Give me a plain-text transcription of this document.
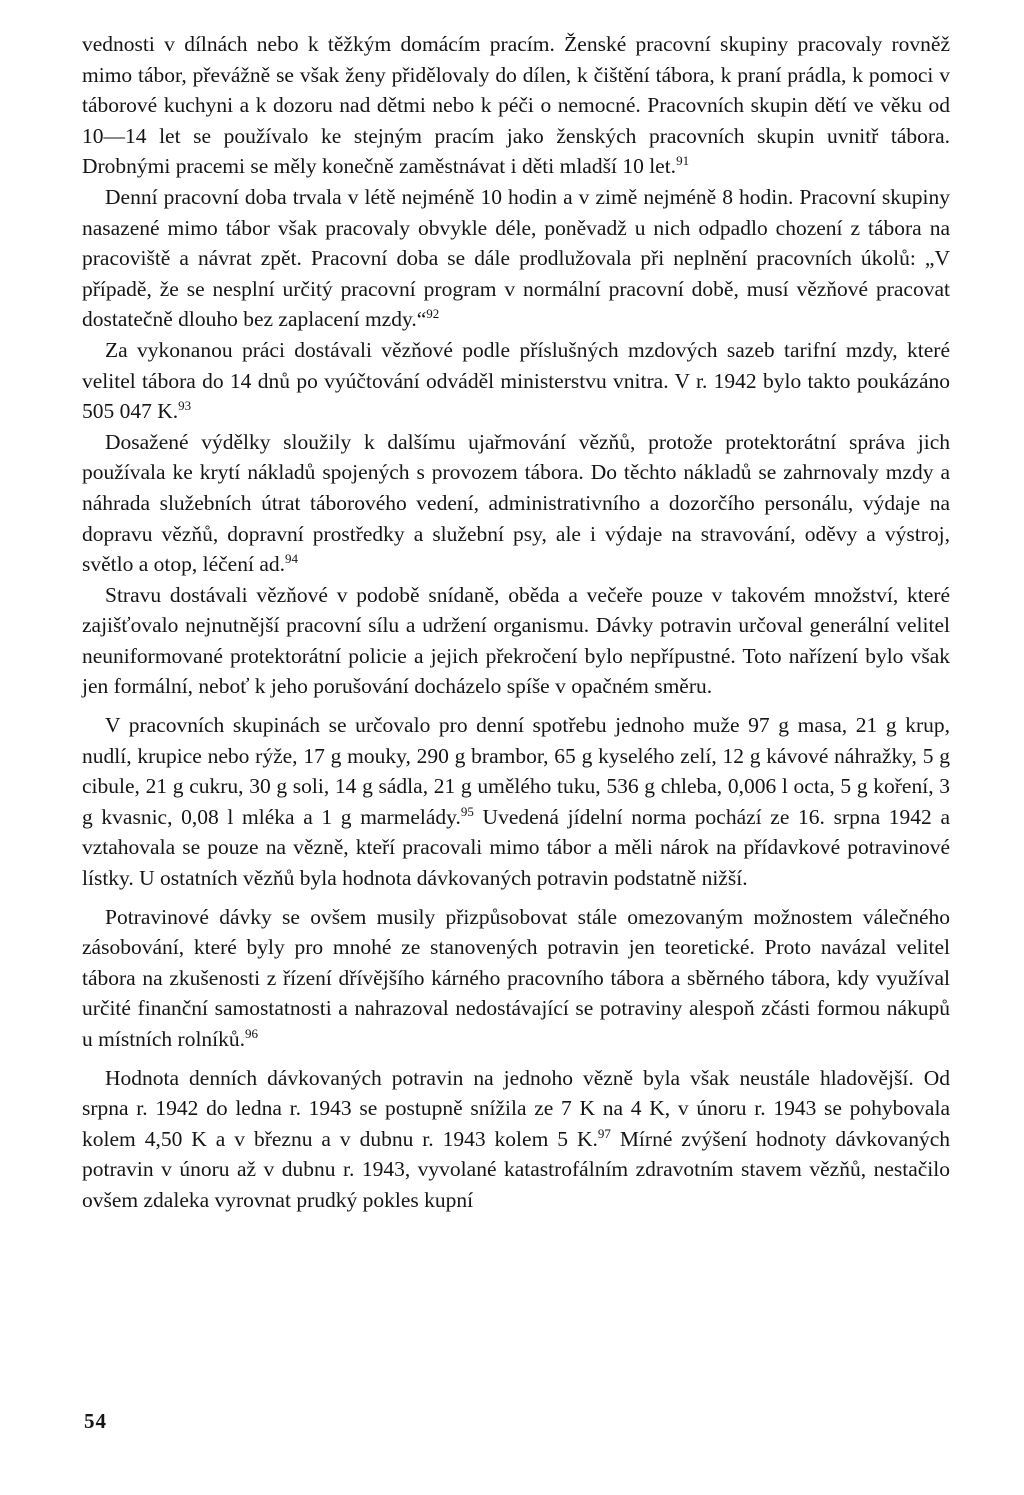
vednosti v dílnách nebo k těžkým domácím pracím. Ženské pracovní skupiny pracovaly rovněž mimo tábor, převážně se však ženy přidělovaly do dílen, k čištění tábora, k praní prádla, k pomoci v táborové kuchyni a k dozoru nad dětmi nebo k péči o nemocné. Pracovních skupin dětí ve věku od 10—14 let se používalo ke stejným pracím jako ženských pracovních skupin uvnitř tábora. Drobnými pracemi se měly konečně zaměstnávat i děti mladší 10 let.$^{91}$

Denní pracovní doba trvala v létě nejméně 10 hodin a v zimě nejméně 8 hodin. Pracovní skupiny nasazené mimo tábor však pracovaly obvykle déle, poněvadž u nich odpadlo chození z tábora na pracoviště a návrat zpět. Pracovní doba se dále prodlužovala při neplnění pracovních úkolů: „V případě, že se nesplní určitý pracovní program v normální pracovní době, musí vězňové pracovat dostatečně dlouho bez zaplacení mzdy.“$^{92}$

Za vykonanou práci dostávali vězňové podle příslušných mzdových sazeb tarifní mzdy, které velitel tábora do 14 dnů po vyúčtování odváděl ministerstvu vnitra. V r. 1942 bylo takto poukázáno 505 047 K.$^{93}$

Dosažené výdělky sloužily k dalšímu ujařmování vězňů, protože protektorátní správa jich používala ke krytí nákladů spojených s provozem tábora. Do těchto nákladů se zahrnovaly mzdy a náhrada služebních útrat táborového vedení, administrativního a dozorčího personálu, výdaje na dopravu vězňů, dopravní prostředky a služební psy, ale i výdaje na stravování, oděvy a výstroj, světlo a otop, léčení ad.$^{94}$

Stravu dostávali vězňové v podobě snídaně, oběda a večeře pouze v takovém množství, které zajišťovalo nejnutnější pracovní sílu a udržení organismu. Dávky potravin určoval generální velitel neuniformované protektorátní policie a jejich překročení bylo nepřípustné. Toto nařízení bylo však jen formální, neboť k jeho porušování docházelo spíše v opačném směru.

V pracovních skupinách se určovalo pro denní spotřebu jednoho muže 97 g masa, 21 g krup, nudlí, krupice nebo rýže, 17 g mouky, 290 g brambor, 65 g kyselého zelí, 12 g kávové náhražky, 5 g cibule, 21 g cukru, 30 g soli, 14 g sádla, 21 g umělého tuku, 536 g chleba, 0,006 l octa, 5 g koření, 3 g kvasnic, 0,08 l mléka a 1 g marmelády.$^{95}$ Uvedená jídelní norma pochází ze 16. srpna 1942 a vztahovala se pouze na vězně, kteří pracovali mimo tábor a měli nárok na přídavkové potravinové lístky. U ostatních vězňů byla hodnota dávkovaných potravin podstatně nižší.

Potravinové dávky se ovšem musily přizpůsobovat stále omezovaným možnostem válečného zásobování, které byly pro mnohé ze stanovených potravin jen teoretické. Proto navázal velitel tábora na zkušenosti z řízení dřívějšího kárného pracovního tábora a sběrného tábora, kdy využíval určité finanční samostatnosti a nahrazoval nedostávající se potraviny alespoň zčásti formou nákupů u místních rolníků.$^{96}$

Hodnota denních dávkovaných potravin na jednoho vězně byla však neustále hladovější. Od srpna r. 1942 do ledna r. 1943 se postupně snížila ze 7 K na 4 K, v únoru r. 1943 se pohybovala kolem 4,50 K a v březnu a v dubnu r. 1943 kolem 5 K.$^{97}$ Mírné zvýšení hodnoty dávkovaných potravin v únoru až v dubnu r. 1943, vyvolané katastrofálním zdravotním stavem vězňů, nestačilo ovšem zdaleka vyrovnat prudký pokles kupní

54
